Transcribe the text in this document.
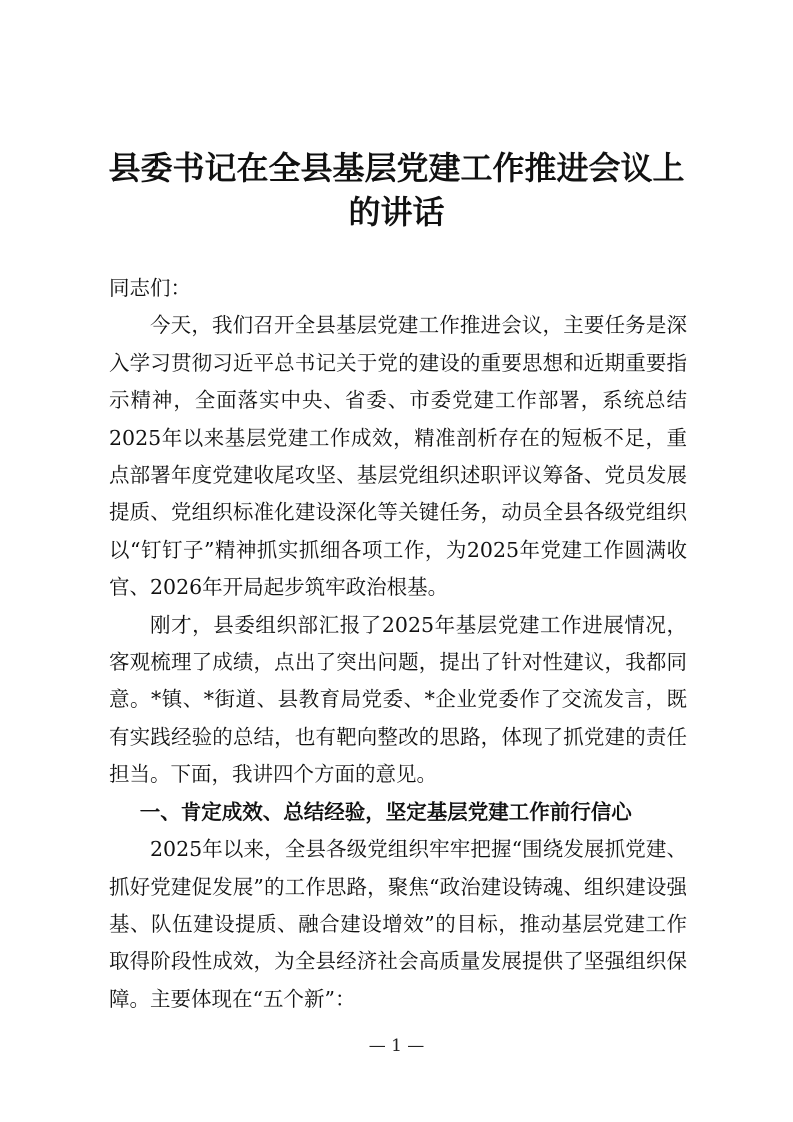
县委书记在全县基层党建工作推进会议上的讲话

同志们：

今天，我们召开全县基层党建工作推进会议，主要任务是深入学习贯彻习近平总书记关于党的建设的重要思想和近期重要指示精神，全面落实中央、省委、市委党建工作部署，系统总结2025年以来基层党建工作成效，精准剖析存在的短板不足，重点部署年度党建收尾攻坚、基层党组织述职评议筹备、党员发展提质、党组织标准化建设深化等关键任务，动员全县各级党组织以“钉钉子”精神抓实抓细各项工作，为2025年党建工作圆满收官、2026年开局起步筑牢政治根基。

刚才，县委组织部汇报了2025年基层党建工作进展情况，客观梳理了成绩，点出了突出问题，提出了针对性建议，我都同意。*镇、*街道、县教育局党委、*企业党委作了交流发言，既有实践经验的总结，也有靶向整改的思路，体现了抓党建的责任担当。下面，我讲四个方面的意见。

一、肯定成效、总结经验，坚定基层党建工作前行信心

2025年以来，全县各级党组织牢牢把握“围绕发展抓党建、抓好党建促发展”的工作思路，聚焦“政治建设铸魂、组织建设强基、队伍建设提质、融合建设增效”的目标，推动基层党建工作取得阶段性成效，为全县经济社会高质量发展提供了坚强组织保障。主要体现在“五个新”：

— 1 —
